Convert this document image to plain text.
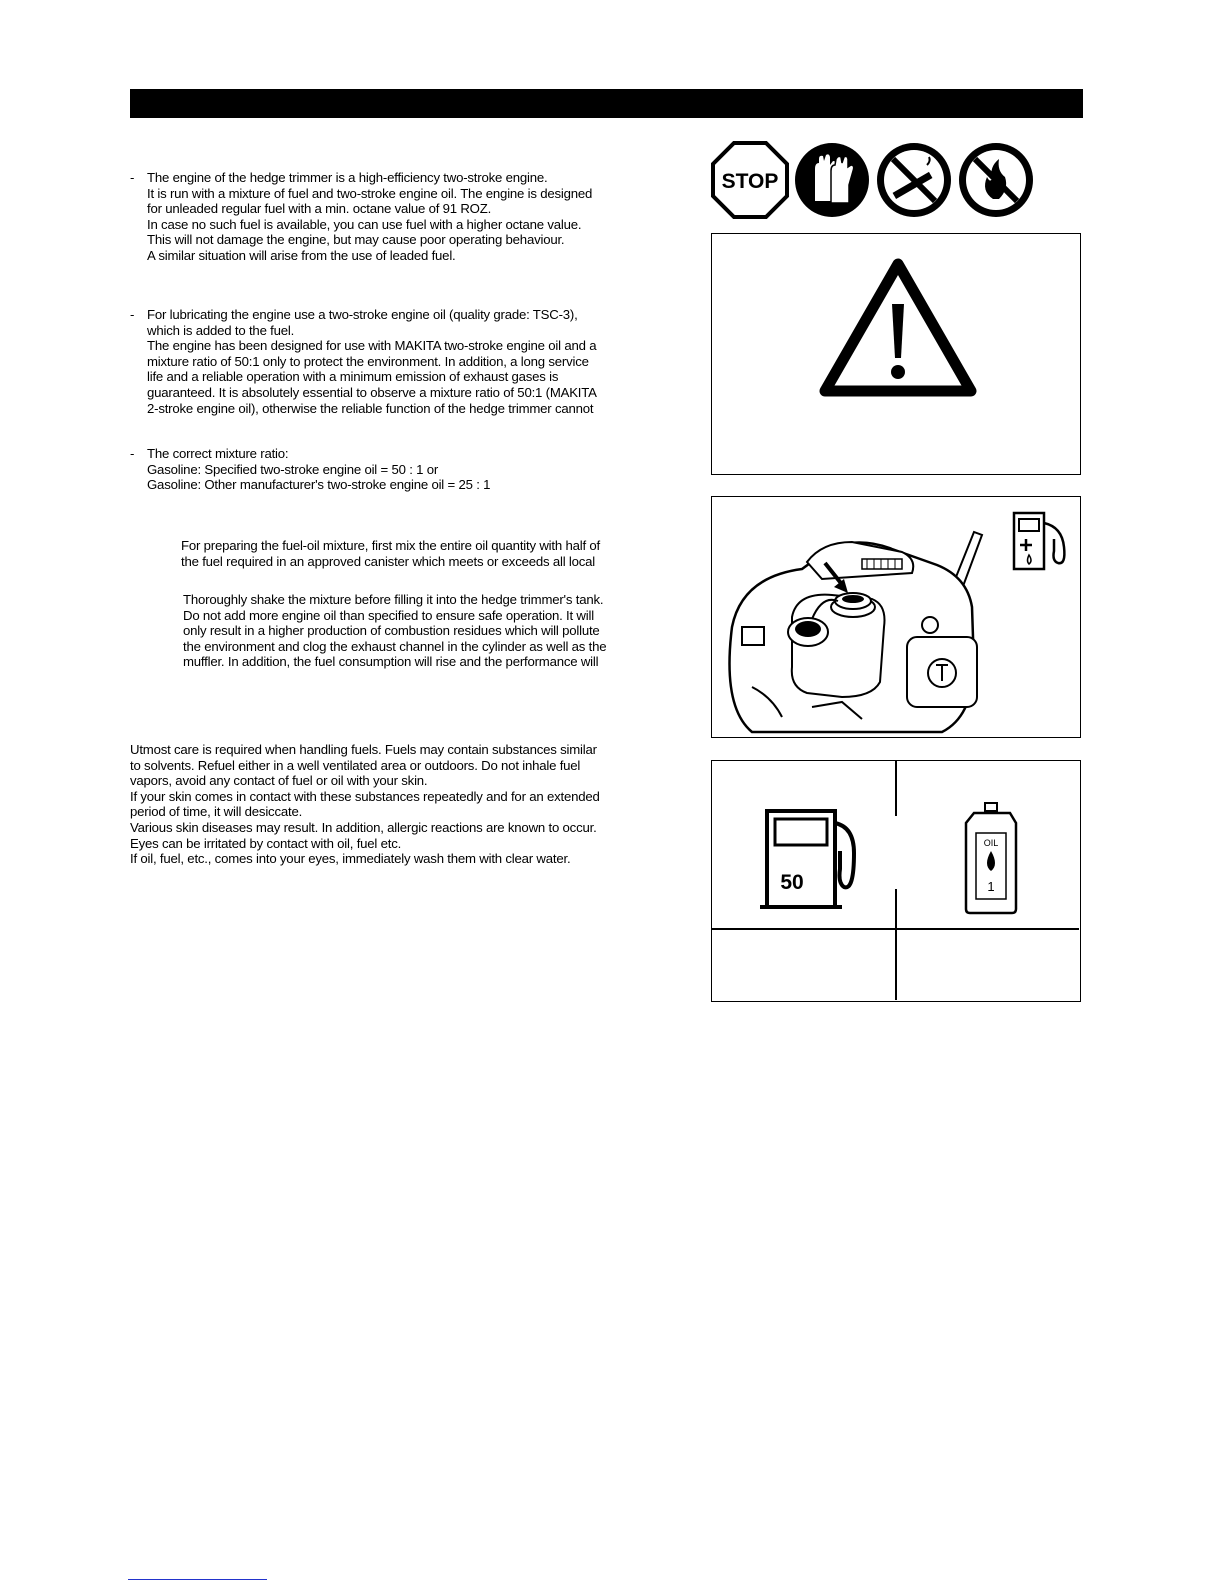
-
-
-
The engine of the hedge trimmer is a high-efficiency two-stroke engine.
It is run with a mixture of fuel and two-stroke engine oil. The engine is designed
for unleaded regular fuel with a min. octane value of 91 ROZ.
In case no such fuel is available, you can use fuel with a higher octane value.
This will not damage the engine, but may cause poor operating behaviour.
A similar situation will arise from the use of leaded fuel.
For lubricating the engine use a two-stroke engine oil (quality grade: TSC-3),
which is added to the fuel.
The engine has been designed for use with MAKITA two-stroke engine oil and a
mixture ratio of 50:1 only to protect the environment. In addition, a long service
life and a reliable operation with a minimum emission of exhaust gases is
guaranteed. It is absolutely essential to observe a mixture ratio of 50:1 (MAKITA
2-stroke engine oil), otherwise the reliable function of the hedge trimmer cannot
The correct mixture ratio:
Gasoline: Specified two-stroke engine oil = 50 : 1 or
Gasoline: Other manufacturer's two-stroke engine oil = 25 : 1
For preparing the fuel-oil mixture, first mix the entire oil quantity with half of
the fuel required in an approved canister which meets or exceeds all local
Thoroughly shake the mixture before filling it into the hedge trimmer's tank.
Do not add more engine oil than specified to ensure safe operation. It will
only result in a higher production of combustion residues which will pollute
the environment and clog the exhaust channel in the cylinder as well as the
muffler. In addition, the fuel consumption will rise and the performance will
Utmost care is required when handling fuels. Fuels may contain substances similar
to solvents. Refuel either in a well ventilated area or outdoors. Do not inhale fuel
vapors, avoid any contact of fuel or oil with your skin.
If your skin comes in contact with these substances repeatedly and for an extended
period of time, it will desiccate.
Various skin diseases may result. In addition, allergic reactions are known to occur.
Eyes can be irritated by contact with oil, fuel etc.
If oil, fuel, etc., comes into your eyes, immediately wash them with clear water.
STOP
50
OIL
1
